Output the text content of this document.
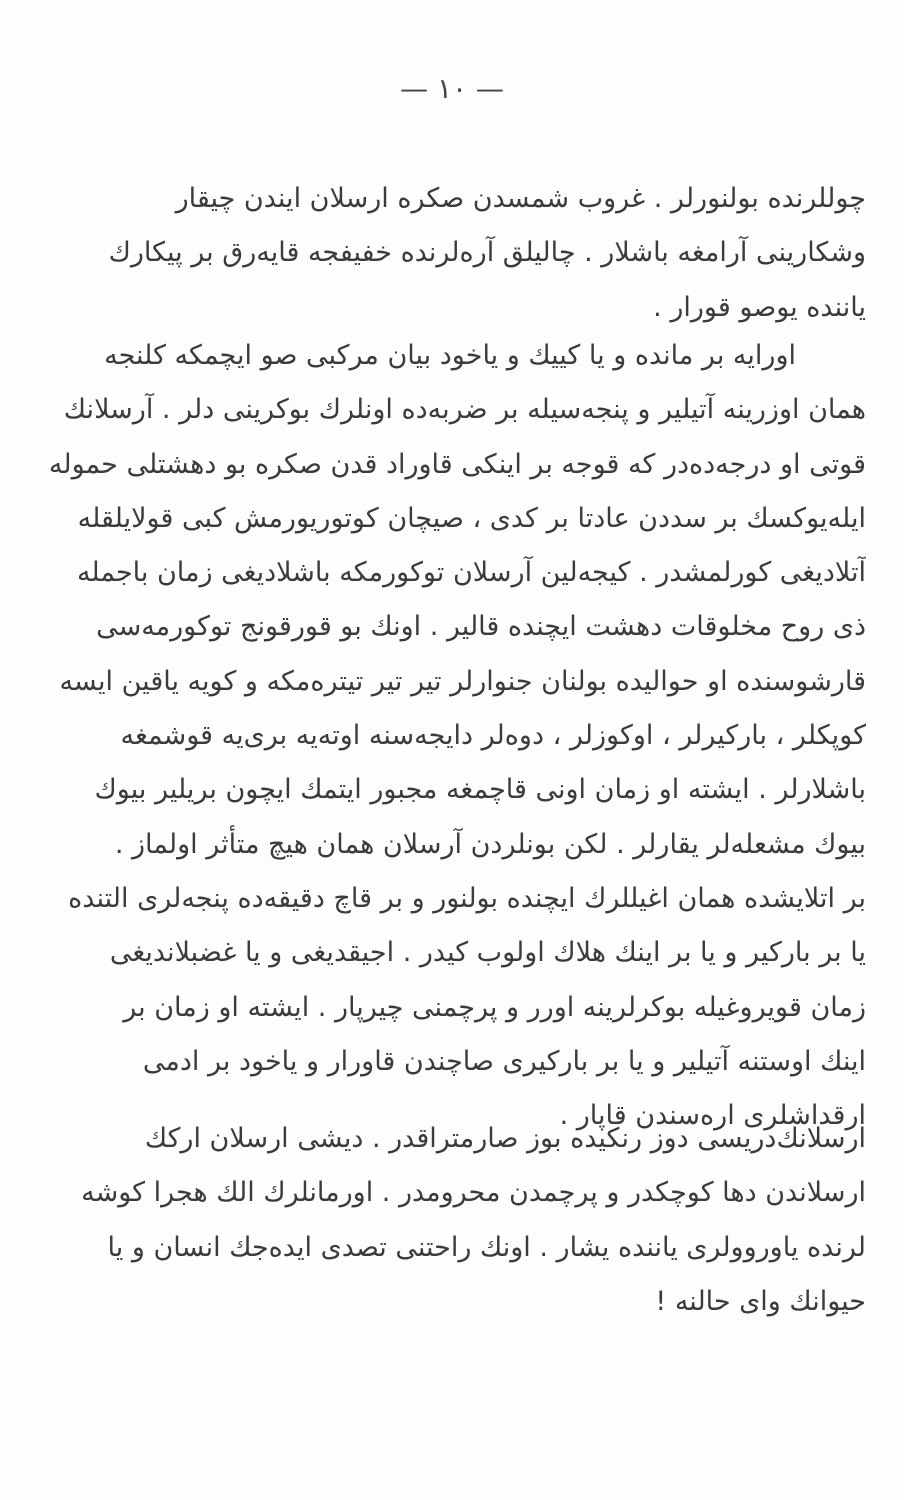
— ١٠ —
چوللرنده بولنورلر . غروب شمسدن صکره ارسلان ایندن چیقار
وشکارینی آرامغه باشلار . چالیلق آره‌لرنده خفیفجه قایه‌رق بر پیکارك
یانندە یوصو قورار .
اورایه بر مانده و یا کییك و یاخود بیان مرکبی صو ایچمکه کلنجه
همان اوزرینه آتیلیر و پنجه‌سیله بر ضربه‌ده اونلرك بوکرینی دلر . آرسلانك
قوتی او درجه‌دەدر که قوجه بر اینکی قاوراد قدن صکره بو دهشتلی حموله
ایله‌یوکسك بر سددن عادتا بر کدی ، صیچان کوتوریورمش کبی قولایلقله
آتلادیغی کورلمشدر . کیجه‌لین آرسلان توکورمکه باشلادیغی زمان باجمله
ذی روح مخلوقات دهشت ایچنده قالیر . اونك بو قورقونج توکورمەسی
قارشوسنده او حوالیده بولنان جنوارلر تیر تیر تیتره‌مکه و کویه یاقین ایسه
کوپکلر ، بارکیرلر ، اوکوزلر ، دوه‌لر دایجه‌سنه اوته‌یه بری‌یه قوشمغه
باشلارلر . ایشته او زمان اونی قاچمغه مجبور ایتمك ایچون بریلیر بیوك
بیوك مشعله‌لر یقارلر . لکن بونلردن آرسلان همان هیچ متأثر اولماز .
بر اتلایشده همان اغیللرك ایچنده بولنور و بر قاچ دقیقه‌ده پنجه‌لری التنده
یا بر بارکیر و یا بر اینك هلاك اولوب کیدر . اجیقدیغی و یا غضبلاندیغی
زمان قویروغیله بوکرلرینه اورر و پرچمنی چیرپار . ایشته او زمان بر
اینك اوستنه آتیلیر و یا بر بارکیری صاچندن قاورار و یاخود بر ادمی
ارقداشلری اره‌سندن قاپار .
ارسلانك‌دریسی دوز رنکیده بوز صارمتراقدر . دیشی ارسلان ارکك
ارسلاندن دها کوچکدر و پرچمدن محرومدر . اورمانلرك الك هجرا کوشه‌
لرنده یاوروولری یاننده یشار . اونك راحتنی تصدی ایده‌جك انسان و یا
حیوانك وای حالنه !
